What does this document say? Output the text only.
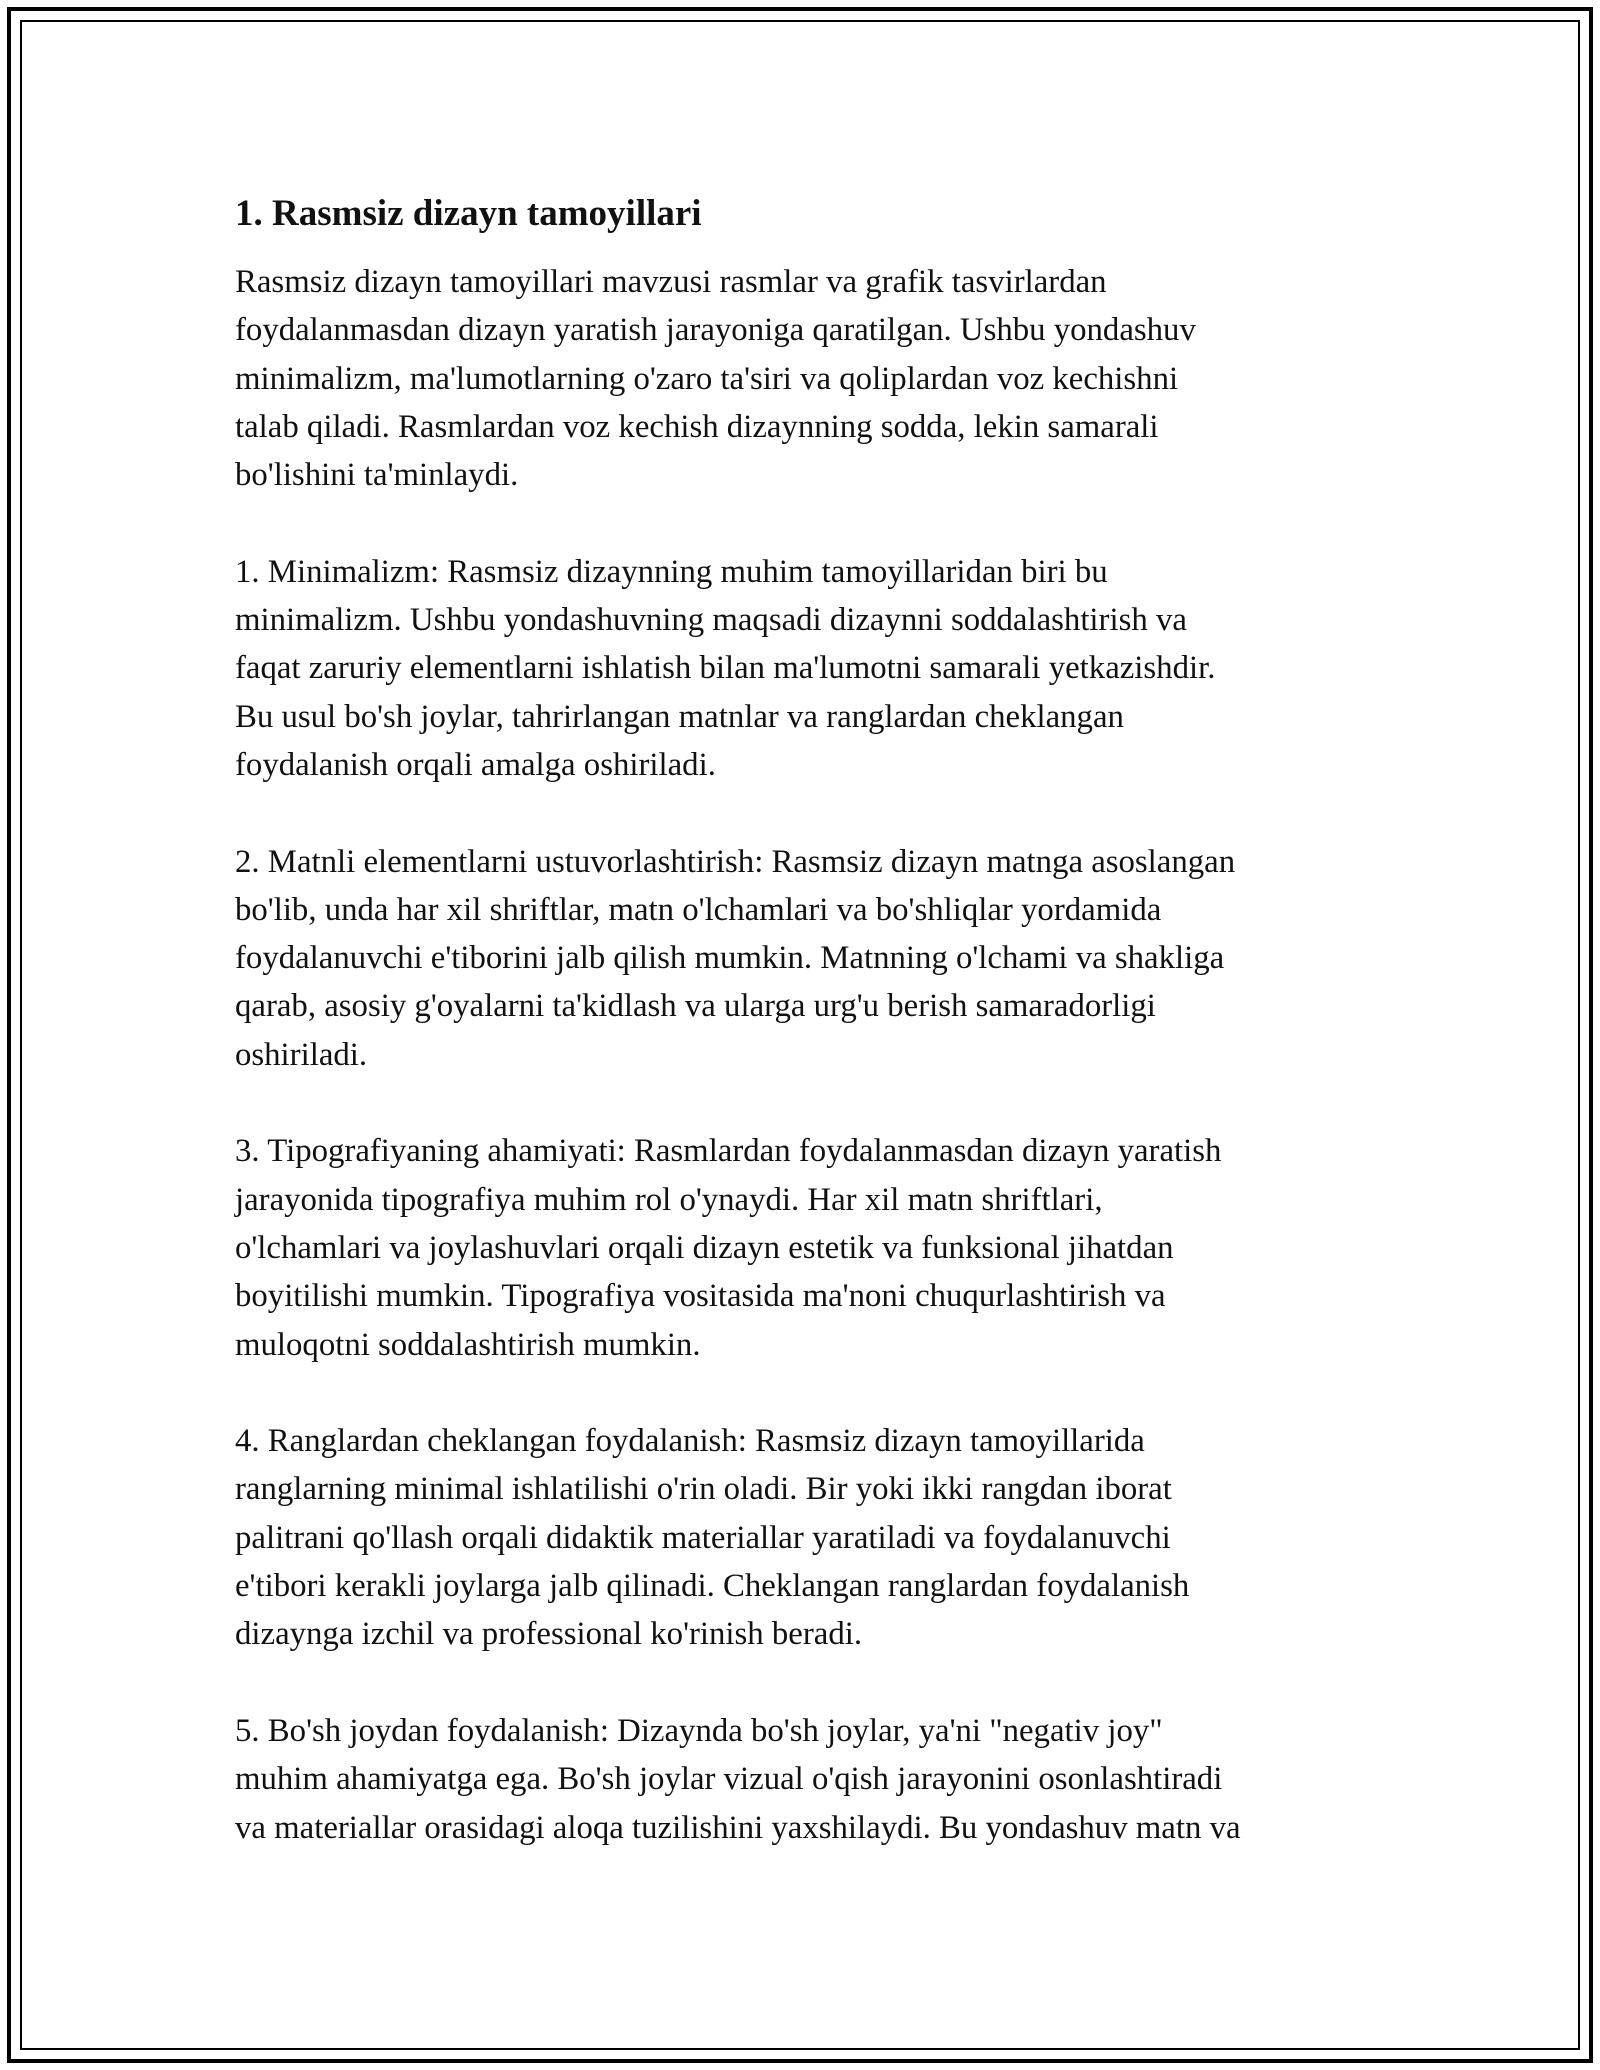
1. Rasmsiz dizayn tamoyillari

Rasmsiz dizayn tamoyillari mavzusi rasmlar va grafik tasvirlardan
foydalanmasdan dizayn yaratish jarayoniga qaratilgan. Ushbu yondashuv
minimalizm, ma'lumotlarning o'zaro ta'siri va qoliplardan voz kechishni
talab qiladi. Rasmlardan voz kechish dizaynning sodda, lekin samarali
bo'lishini ta'minlaydi.

1. Minimalizm: Rasmsiz dizaynning muhim tamoyillaridan biri bu
minimalizm. Ushbu yondashuvning maqsadi dizaynni soddalashtirish va
faqat zaruriy elementlarni ishlatish bilan ma'lumotni samarali yetkazishdir.
Bu usul bo'sh joylar, tahrirlangan matnlar va ranglardan cheklangan
foydalanish orqali amalga oshiriladi.

2. Matnli elementlarni ustuvorlashtirish: Rasmsiz dizayn matnga asoslangan
bo'lib, unda har xil shriftlar, matn o'lchamlari va bo'shliqlar yordamida
foydalanuvchi e'tiborini jalb qilish mumkin. Matnning o'lchami va shakliga
qarab, asosiy g'oyalarni ta'kidlash va ularga urg'u berish samaradorligi
oshiriladi.

3. Tipografiyaning ahamiyati: Rasmlardan foydalanmasdan dizayn yaratish
jarayonida tipografiya muhim rol o'ynaydi. Har xil matn shriftlari,
o'lchamlari va joylashuvlari orqali dizayn estetik va funksional jihatdan
boyitilishi mumkin. Tipografiya vositasida ma'noni chuqurlashtirish va
muloqotni soddalashtirish mumkin.

4. Ranglardan cheklangan foydalanish: Rasmsiz dizayn tamoyillarida
ranglarning minimal ishlatilishi o'rin oladi. Bir yoki ikki rangdan iborat
palitrani qo'llash orqali didaktik materiallar yaratiladi va foydalanuvchi
e'tibori kerakli joylarga jalb qilinadi. Cheklangan ranglardan foydalanish
dizaynga izchil va professional ko'rinish beradi.

5. Bo'sh joydan foydalanish: Dizaynda bo'sh joylar, ya'ni "negativ joy"
muhim ahamiyatga ega. Bo'sh joylar vizual o'qish jarayonini osonlashtiradi
va materiallar orasidagi aloqa tuzilishini yaxshilaydi. Bu yondashuv matn va
